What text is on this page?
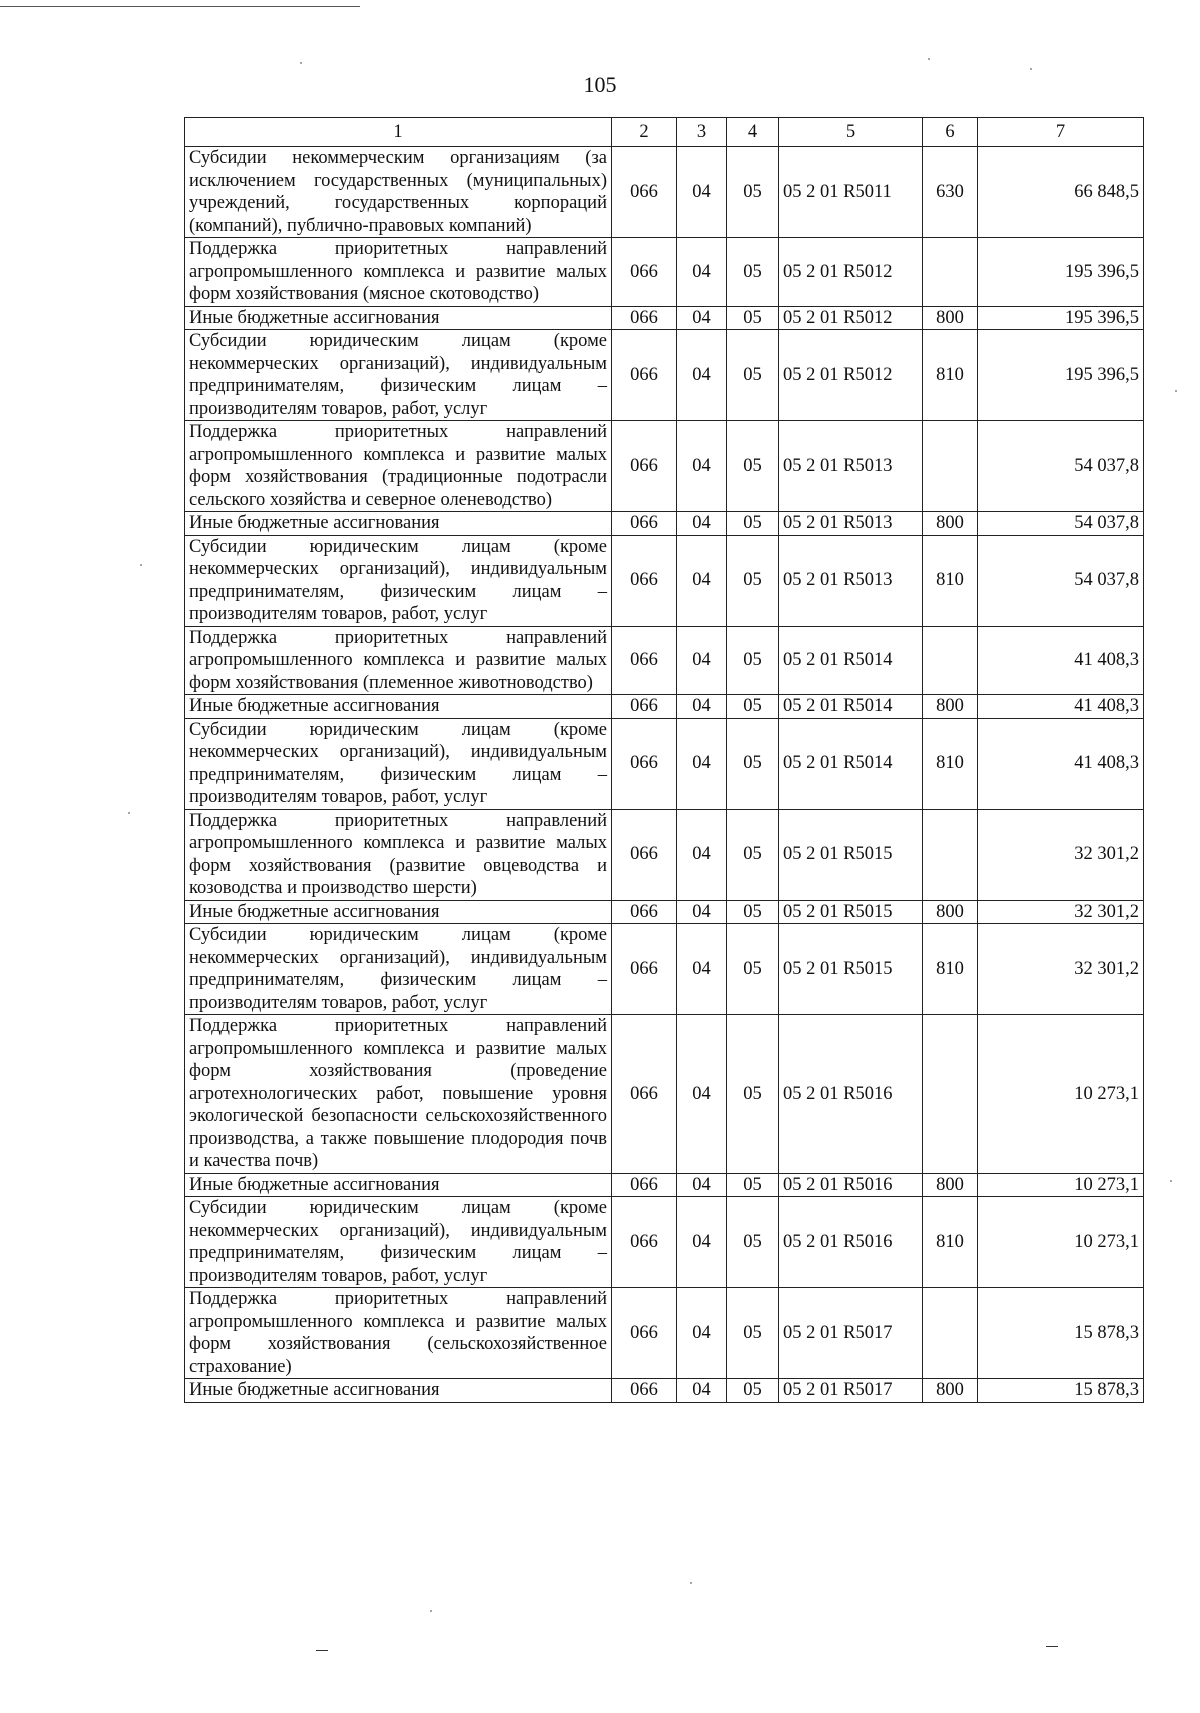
105
1	2	3	4	5	6	7
Субсидии некоммерческим организациям (за исключением государственных (муниципальных) учреждений, государственных корпораций (компаний), публично-правовых компаний)	066	04	05	05 2 01 R5011	630	66 848,5
Поддержка приоритетных направлений агропромышленного комплекса и развитие малых форм хозяйствования (мясное скотоводство)	066	04	05	05 2 01 R5012		195 396,5
Иные бюджетные ассигнования	066	04	05	05 2 01 R5012	800	195 396,5
Субсидии юридическим лицам (кроме некоммерческих организаций), индивидуальным предпринимателям, физическим лицам – производителям товаров, работ, услуг	066	04	05	05 2 01 R5012	810	195 396,5
Поддержка приоритетных направлений агропромышленного комплекса и развитие малых форм хозяйствования (традиционные подотрасли сельского хозяйства и северное оленеводство)	066	04	05	05 2 01 R5013		54 037,8
Иные бюджетные ассигнования	066	04	05	05 2 01 R5013	800	54 037,8
Субсидии юридическим лицам (кроме некоммерческих организаций), индивидуальным предпринимателям, физическим лицам – производителям товаров, работ, услуг	066	04	05	05 2 01 R5013	810	54 037,8
Поддержка приоритетных направлений агропромышленного комплекса и развитие малых форм хозяйствования (племенное животноводство)	066	04	05	05 2 01 R5014		41 408,3
Иные бюджетные ассигнования	066	04	05	05 2 01 R5014	800	41 408,3
Субсидии юридическим лицам (кроме некоммерческих организаций), индивидуальным предпринимателям, физическим лицам – производителям товаров, работ, услуг	066	04	05	05 2 01 R5014	810	41 408,3
Поддержка приоритетных направлений агропромышленного комплекса и развитие малых форм хозяйствования (развитие овцеводства и козоводства и производство шерсти)	066	04	05	05 2 01 R5015		32 301,2
Иные бюджетные ассигнования	066	04	05	05 2 01 R5015	800	32 301,2
Субсидии юридическим лицам (кроме некоммерческих организаций), индивидуальным предпринимателям, физическим лицам – производителям товаров, работ, услуг	066	04	05	05 2 01 R5015	810	32 301,2
Поддержка приоритетных направлений агропромышленного комплекса и развитие малых форм хозяйствования (проведение агротехнологических работ, повышение уровня экологической безопасности сельскохозяйственного производства, а также повышение плодородия почв и качества почв)	066	04	05	05 2 01 R5016		10 273,1
Иные бюджетные ассигнования	066	04	05	05 2 01 R5016	800	10 273,1
Субсидии юридическим лицам (кроме некоммерческих организаций), индивидуальным предпринимателям, физическим лицам – производителям товаров, работ, услуг	066	04	05	05 2 01 R5016	810	10 273,1
Поддержка приоритетных направлений агропромышленного комплекса и развитие малых форм хозяйствования (сельскохозяйственное страхование)	066	04	05	05 2 01 R5017		15 878,3
Иные бюджетные ассигнования	066	04	05	05 2 01 R5017	800	15 878,3
